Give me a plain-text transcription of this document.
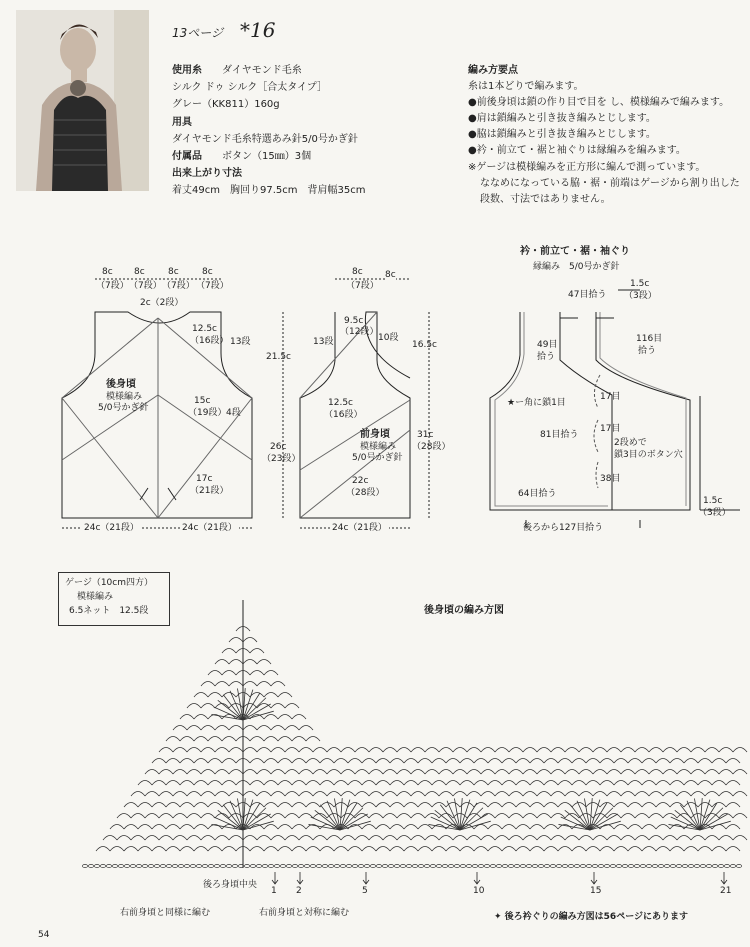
13ページ *16
使用糸 ダイヤモンド毛糸
シルク ドゥ シルク［合太タイプ］
グレー（KK811）160g
用具
ダイヤモンド毛糸特選あみ針5/0号かぎ針
付属品 ボタン（15㎜）3個
出来上がり寸法
着丈49cm　胸回り97.5cm　背肩幅35cm
編み方要点
糸は1本どりで編みます。
●前後身頃は鎖の作り目で目を し、模様編みで編みます。
●肩は鎖編みと引き抜き編みとじします。
●脇は鎖編みと引き抜き編みとじします。
●衿・前立て・裾と袖ぐりは縁編みを編みます。
※ゲージは模様編みを正方形に編んで測っています。
ななめになっている脇・裾・前端はゲージから割り出した
段数、寸法ではありません。
8c 8c	8c	8c
（7段） （7段） （7段） （7段）
2c（2段）
12.5c
（16段） 13段
21.5c
後身頃
模様編み
5/0号かぎ針
15c
（19段） 4段
26c
（23段）
17c
（21段）
24c（21段）	24c（21段）
8c
（7段）
8c
9.5c
（12段）
13段	10段
16.5c
12.5c
（16段）
前身頃
模様編み
5/0号かぎ針
31c
（28段）
22c
（28段）
24c（21段）
衿・前立て・裾・袖ぐり
縁編み　5/0号かぎ針
47目拾う
1.5c
（3段）
49目
拾う
116目
拾う
★ー角に鎖1目
17目
81目拾う
17目
2段めで
鎖3目のボタン穴
38目
64目拾う
1.5c
（3段）
後ろから127目拾う
ゲージ（10cm四方）
模様編み
6.5ネット　12.5段	後身頃の編み方図
後ろ身頃中央
1 2	5	10	15	21
右前身頃と同様に編む	右前身頃と対称に編む	✦ 後ろ衿ぐりの編み方図は56ページにあります
54
